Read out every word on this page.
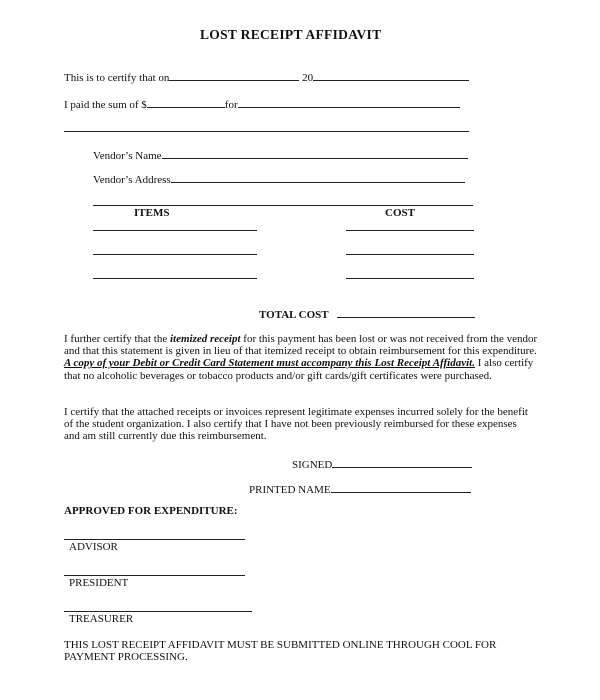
LOST RECEIPT AFFIDAVIT
This is to certify that on	20
I paid the sum of $	for
Vendor’s Name
Vendor’s Address
ITEMS	COST
TOTAL COST
I further certify that the itemized receipt for this payment has been lost or was not received from the vendor and that this statement is given in lieu of that itemized receipt to obtain reimbursement for this expenditure. A copy of your Debit or Credit Card Statement must accompany this Lost Receipt Affidavit. I also certify that no alcoholic beverages or tobacco products and/or gift cards/gift certificates were purchased.
I certify that the attached receipts or invoices represent legitimate expenses incurred solely for the benefit of the student organization. I also certify that I have not been previously reimbursed for these expenses and am still currently due this reimbursement.
SIGNED
PRINTED NAME
APPROVED FOR EXPENDITURE:
ADVISOR
PRESIDENT
TREASURER
THIS LOST RECEIPT AFFIDAVIT MUST BE SUBMITTED ONLINE THROUGH COOL FOR PAYMENT PROCESSING.
